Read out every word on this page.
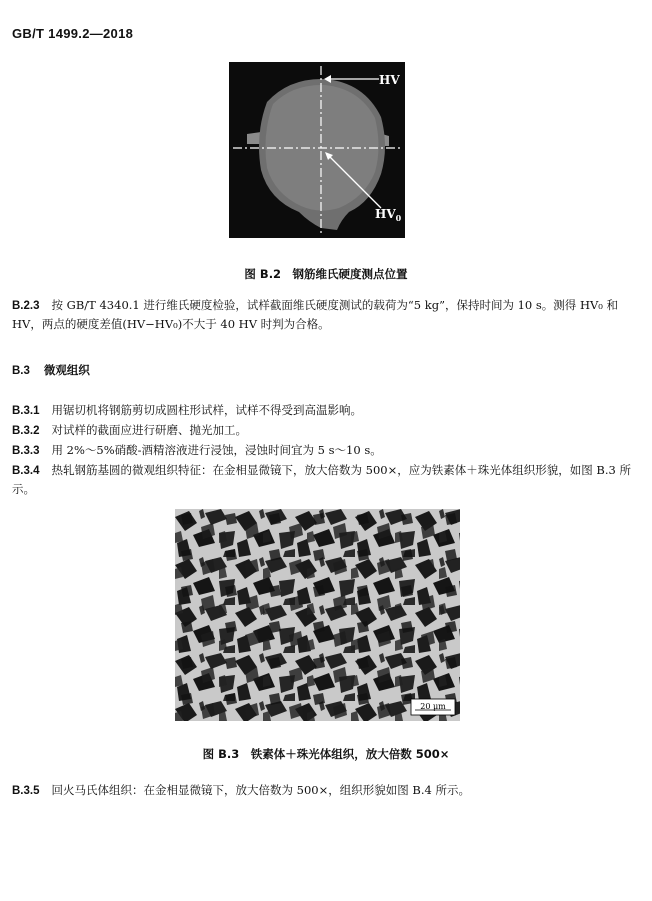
GB/T 1499.2—2018
HV
$HV_0$
图 B.2　钢筋维氏硬度测点位置
B.2.3 按 GB/T 4340.1 进行维氏硬度检验，试样截面维氏硬度测试的载荷为“5 kg”，保持时间为 10 s。测得 HV₀ 和 HV，两点的硬度差值(HV−HV₀)不大于 40 HV 时判为合格。
B.3 微观组织
B.3.1 用锯切机将钢筋剪切成圆柱形试样，试样不得受到高温影响。
B.3.2 对试样的截面应进行研磨、抛光加工。
B.3.3 用 2%～5%硝酸-酒精溶液进行浸蚀，浸蚀时间宜为 5 s～10 s。
B.3.4 热轧钢筋基圆的微观组织特征：在金相显微镜下，放大倍数为 500×，应为铁素体＋珠光体组织形貌，如图 B.3 所示。
20 μm
图 B.3　铁素体＋珠光体组织，放大倍数 500×
B.3.5 回火马氏体组织：在金相显微镜下，放大倍数为 500×，组织形貌如图 B.4 所示。
